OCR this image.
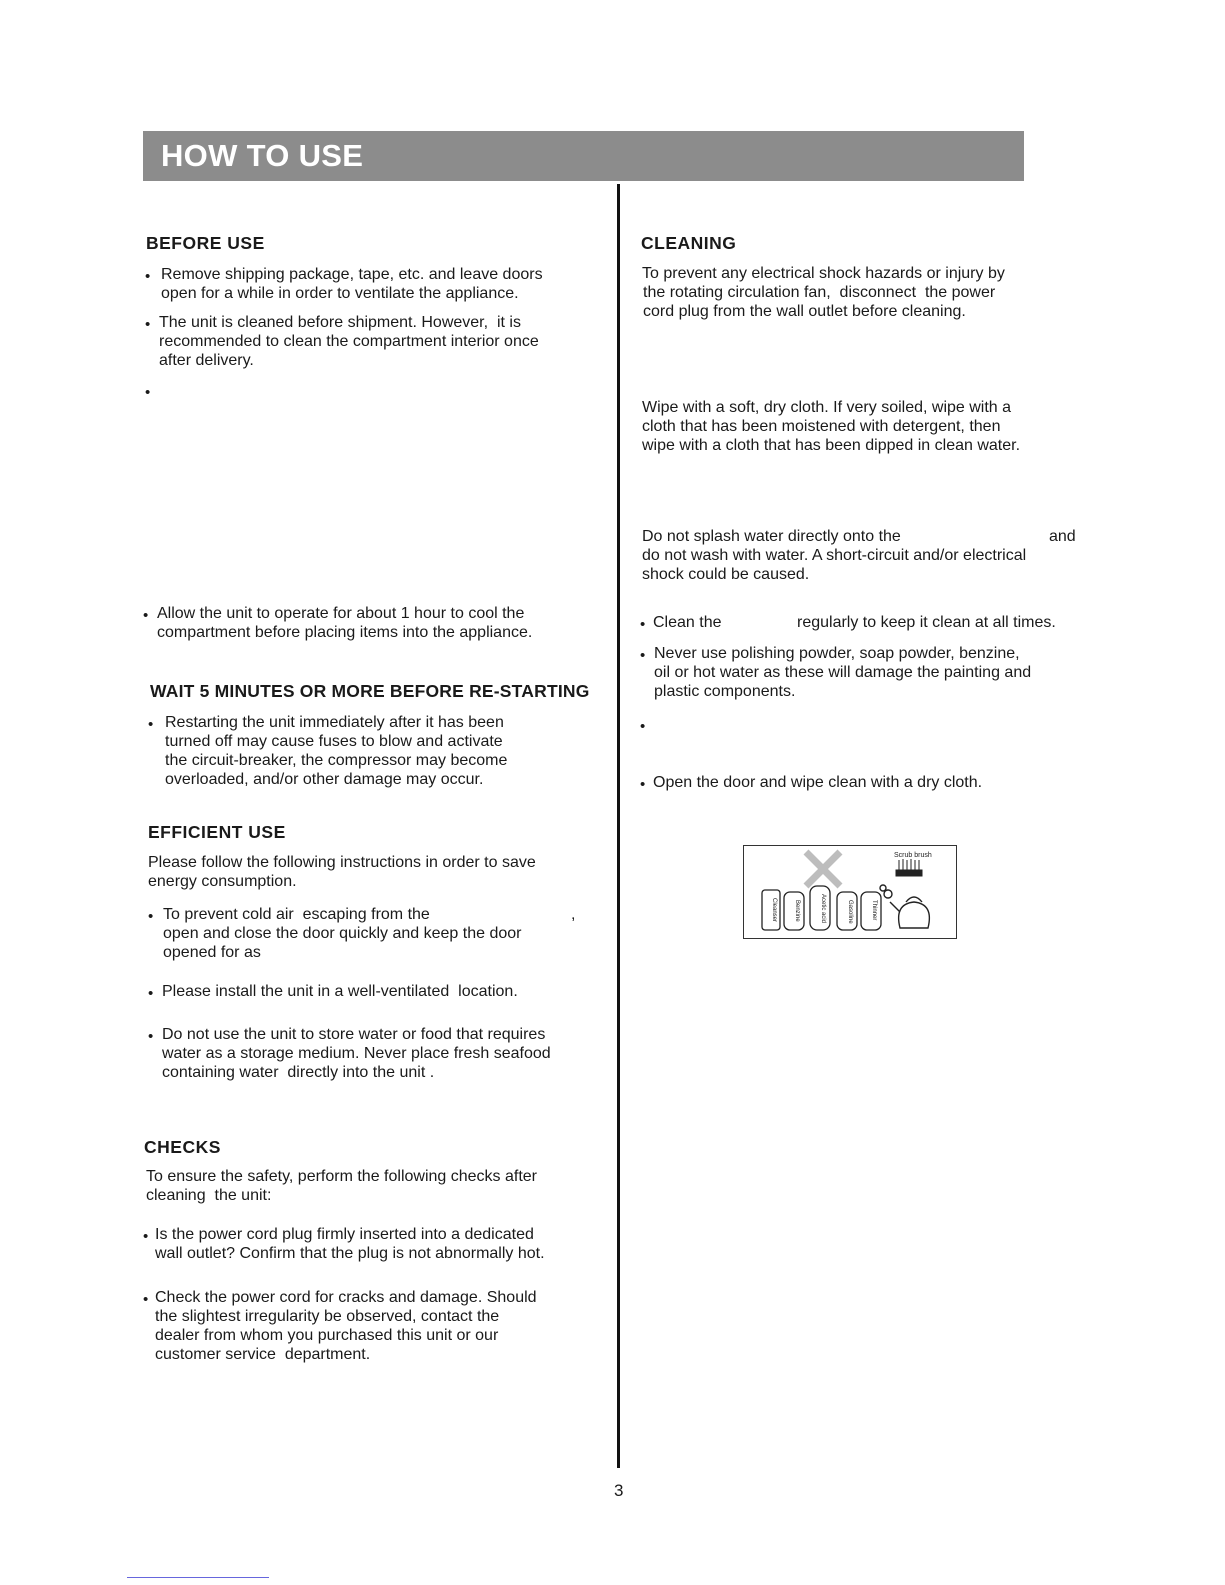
HOW TO USE
BEFORE USE
• Remove shipping package, tape, etc. and leave doors
open for a while in order to ventilate the appliance.
• The unit is cleaned before shipment. However,  it is
recommended to clean the compartment interior once
after delivery.
•
• Allow the unit to operate for about 1 hour to cool the
compartment before placing items into the appliance.
WAIT 5 MINUTES OR MORE BEFORE RE-STARTING
• Restarting the unit immediately after it has been
turned off may cause fuses to blow and activate
the circuit-breaker, the compressor may become
overloaded, and/or other damage may occur.
EFFICIENT USE
Please follow the following instructions in order to save
energy consumption.
• To prevent cold air  escaping from the	,
open and close the door quickly and keep the door
opened for as
• Please install the unit in a well-ventilated  location.
• Do not use the unit to store water or food that requires
water as a storage medium. Never place fresh seafood
containing water  directly into the unit .
CHECKS
To ensure the safety, perform the following checks after
cleaning  the unit:
• Is the power cord plug firmly inserted into a dedicated
wall outlet? Confirm that the plug is not abnormally hot.
• Check the power cord for cracks and damage. Should
the slightest irregularity be observed, contact the
dealer from whom you purchased this unit or our
customer service  department.
CLEANING
To prevent any electrical shock hazards or injury by
the rotating circulation fan,  disconnect  the power
cord plug from the wall outlet before cleaning.
Wipe with a soft, dry cloth. If very soiled, wipe with a
cloth that has been moistened with detergent, then
wipe with a cloth that has been dipped in clean water.
Do not splash water directly onto the	and
do not wash with water. A short-circuit and/or electrical
shock could be caused.
• Clean the	regularly to keep it clean at all times.
• Never use polishing powder, soap powder, benzine,
oil or hot water as these will damage the painting and
plastic components.
•
• Open the door and wipe clean with a dry cloth.
Scrub brush
Cleanser	Benzine	Acetic acid	Gasoline	Thinner
3
